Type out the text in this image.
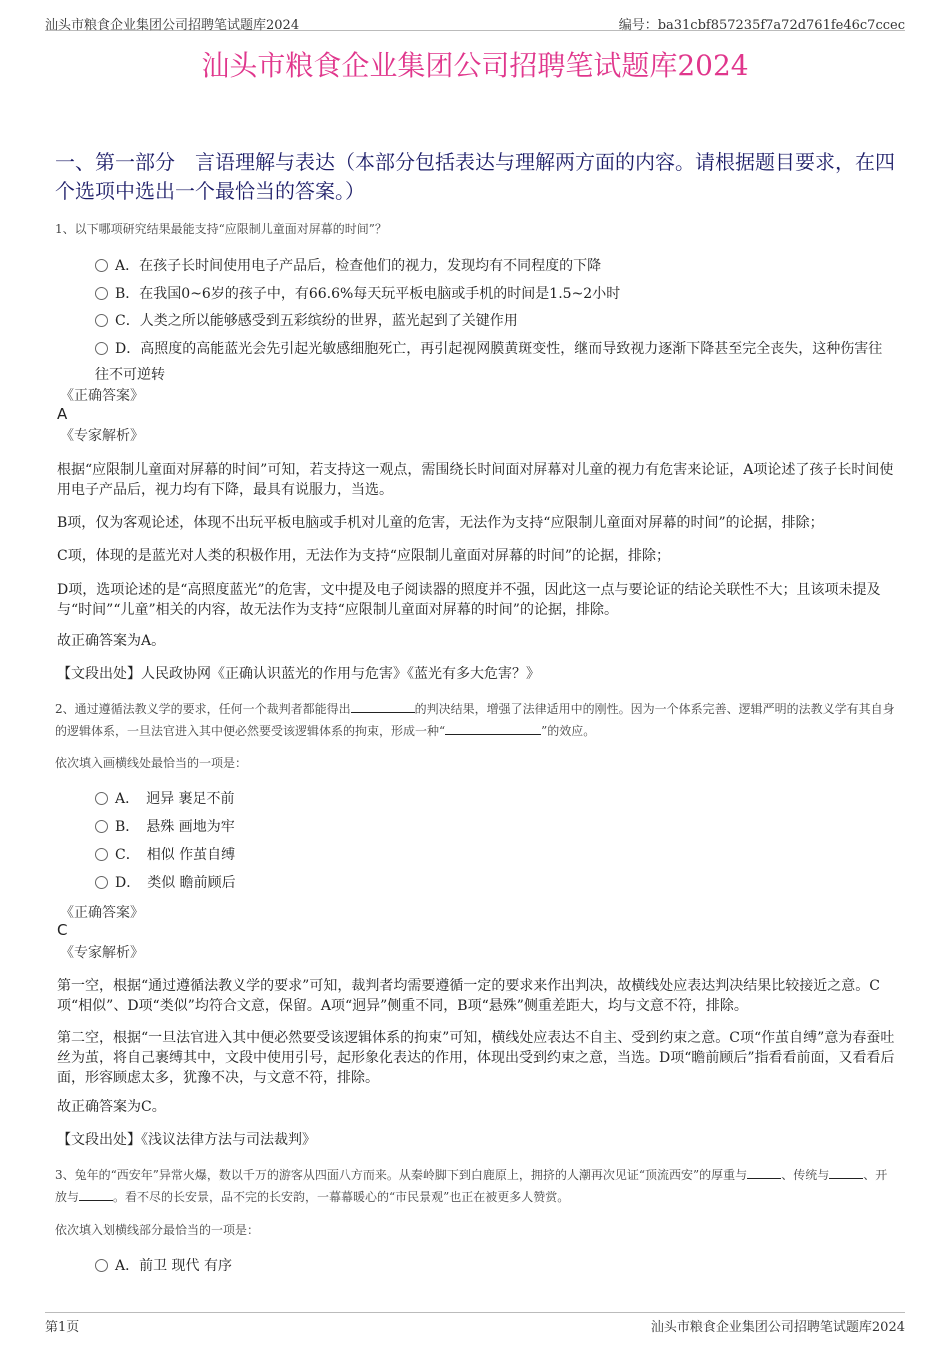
汕头市粮食企业集团公司招聘笔试题库2024	编号：ba31cbf857235f7a72d761fe46c7ccec
汕头市粮食企业集团公司招聘笔试题库2024
一、第一部分　言语理解与表达（本部分包括表达与理解两方面的内容。请根据题目要求，在四个选项中选出一个最恰当的答案。）
1、以下哪项研究结果最能支持“应限制儿童面对屏幕的时间”？
A．在孩子长时间使用电子产品后，检查他们的视力，发现均有不同程度的下降
B．在我国0~6岁的孩子中，有66.6%每天玩平板电脑或手机的时间是1.5~2小时
C．人类之所以能够感受到五彩缤纷的世界，蓝光起到了关键作用
D．高照度的高能蓝光会先引起光敏感细胞死亡，再引起视网膜黄斑变性，继而导致视力逐渐下降甚至完全丧失，这种伤害往往不可逆转
《正确答案》
A
《专家解析》
根据“应限制儿童面对屏幕的时间”可知，若支持这一观点，需围绕长时间面对屏幕对儿童的视力有危害来论证，A项论述了孩子长时间使用电子产品后，视力均有下降，最具有说服力，当选。
B项，仅为客观论述，体现不出玩平板电脑或手机对儿童的危害，无法作为支持“应限制儿童面对屏幕的时间”的论据，排除；
C项，体现的是蓝光对人类的积极作用，无法作为支持“应限制儿童面对屏幕的时间”的论据，排除；
D项，选项论述的是“高照度蓝光”的危害，文中提及电子阅读器的照度并不强，因此这一点与要论证的结论关联性不大；且该项未提及与“时间”“儿童”相关的内容，故无法作为支持“应限制儿童面对屏幕的时间”的论据，排除。
故正确答案为A。
【文段出处】人民政协网《正确认识蓝光的作用与危害》《蓝光有多大危害？》
2、通过遵循法教义学的要求，任何一个裁判者都能得出	的判决结果，增强了法律适用中的刚性。因为一个体系完善、逻辑严明的法教义学有其自身的逻辑体系，一旦法官进入其中便必然要受该逻辑体系的拘束，形成一种“	”的效应。
依次填入画横线处最恰当的一项是：
A．　迥异 裹足不前
B．　悬殊 画地为牢
C．　相似 作茧自缚
D．　类似 瞻前顾后
《正确答案》
C
《专家解析》
第一空，根据“通过遵循法教义学的要求”可知，裁判者均需要遵循一定的要求来作出判决，故横线处应表达判决结果比较接近之意。C项“相似”、D项“类似”均符合文意，保留。A项“迥异”侧重不同，B项“悬殊”侧重差距大，均与文意不符，排除。
第二空，根据“一旦法官进入其中便必然要受该逻辑体系的拘束”可知，横线处应表达不自主、受到约束之意。C项“作茧自缚”意为春蚕吐丝为茧，将自己裹缚其中，文段中使用引号，起形象化表达的作用，体现出受到约束之意，当选。D项“瞻前顾后”指看看前面，又看看后面，形容顾虑太多，犹豫不决，与文意不符，排除。
故正确答案为C。
【文段出处】《浅议法律方法与司法裁判》
3、兔年的“西安年”异常火爆，数以千万的游客从四面八方而来。从秦岭脚下到白鹿原上，拥挤的人潮再次见证“顶流西安”的厚重与	、传统与	、开放与	。看不尽的长安景，品不完的长安韵，一幕幕暖心的“市民景观”也正在被更多人赞赏。
依次填入划横线部分最恰当的一项是：
A．前卫 现代 有序
第1页	汕头市粮食企业集团公司招聘笔试题库2024
